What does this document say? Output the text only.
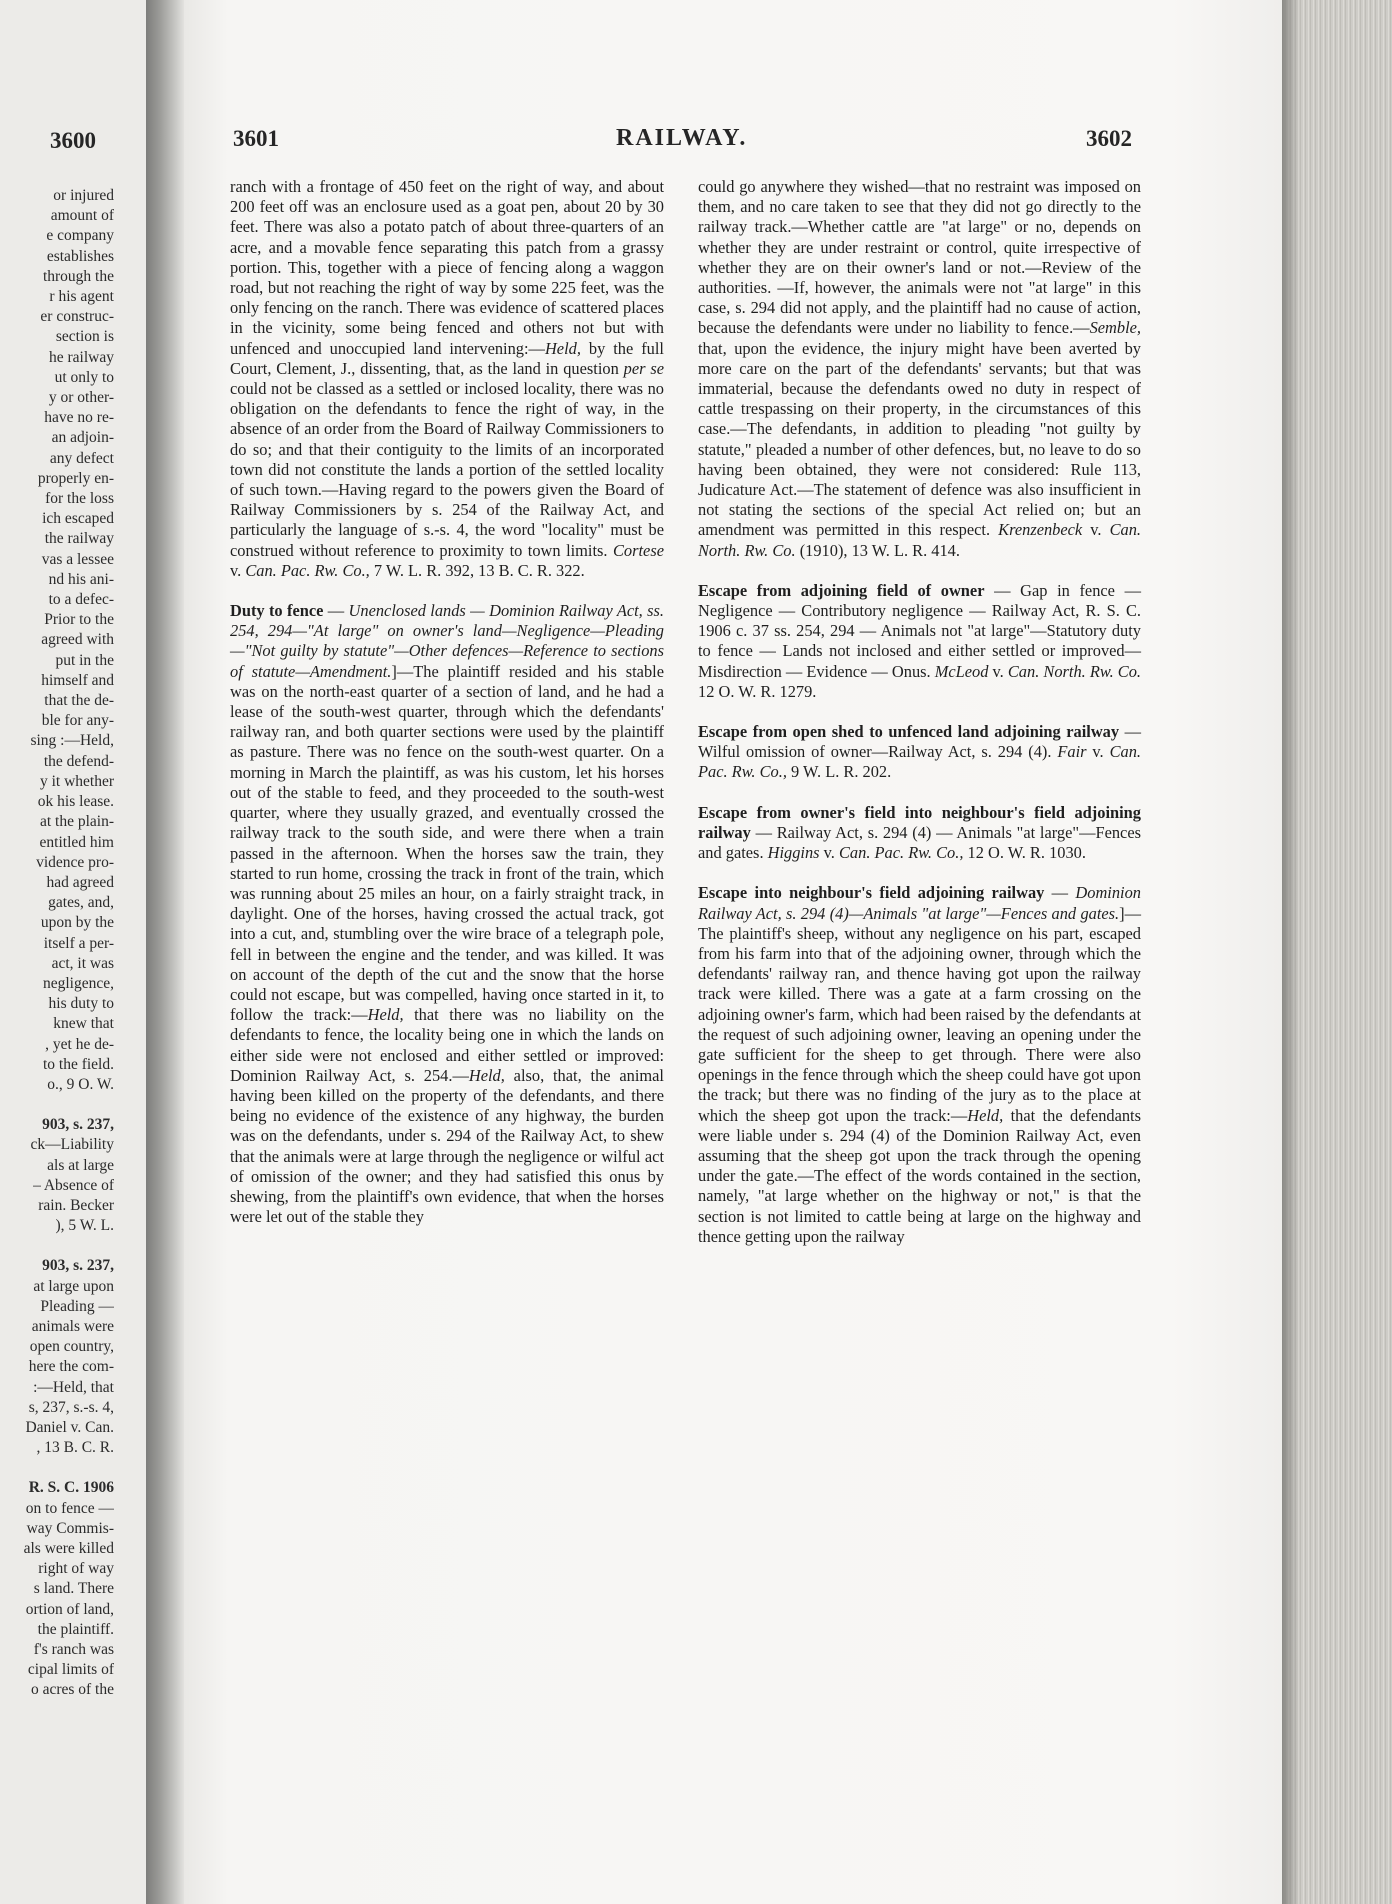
3600
or injured
amount of
e company
establishes
through the
r his agent
er construc-
section is
he railway
ut only to
y or other-
have no re-
an adjoin-
any defect
properly en-
for the loss
ich escaped
the railway
vas a lessee
nd his ani-
to a defec-
Prior to the
agreed with
put in the
himself and
that the de-
ble for any-
sing :—Held,
the defend-
y it whether
ok his lease.
at the plain-
entitled him
vidence pro-
had agreed
gates, and,
upon by the
itself a per-
act, it was
negligence,
his duty to
knew that
, yet he de-
to the field.
o., 9 O. W.
903, s. 237,
ck—Liability
als at large
– Absence of
rain. Becker
), 5 W. L.
903, s. 237,
at large upon
Pleading —
animals were
open country,
here the com-
:—Held, that
s, 237, s.-s. 4,
Daniel v. Can.
, 13 B. C. R.
R. S. C. 1906
on to fence —
way Commis-
als were killed
right of way
s land. There
ortion of land,
the plaintiff.
f's ranch was
cipal limits of
o acres of the
3601	RAILWAY.	3602

ranch with a frontage of 450 feet on the right of way, and about 200 feet off was an enclosure used as a goat pen, about 20 by 30 feet. There was also a potato patch of about three-quarters of an acre, and a movable fence separating this patch from a grassy portion. This, together with a piece of fencing along a waggon road, but not reaching the right of way by some 225 feet, was the only fencing on the ranch. There was evidence of scattered places in the vicinity, some being fenced and others not but with unfenced and unoccupied land intervening:—Held, by the full Court, Clement, J., dissenting, that, as the land in question per se could not be classed as a settled or inclosed locality, there was no obligation on the defendants to fence the right of way, in the absence of an order from the Board of Railway Commissioners to do so; and that their contiguity to the limits of an incorporated town did not constitute the lands a portion of the settled locality of such town.—Having regard to the powers given the Board of Railway Commissioners by s. 254 of the Railway Act, and particularly the language of s.-s. 4, the word "locality" must be construed without reference to proximity to town limits. Cortese v. Can. Pac. Rw. Co., 7 W. L. R. 392, 13 B. C. R. 322.

Duty to fence — Unenclosed lands — Dominion Railway Act, ss. 254, 294—"At large" on owner's land—Negligence—Pleading—"Not guilty by statute"—Other defences—Reference to sections of statute—Amendment.]—The plaintiff resided and his stable was on the north-east quarter of a section of land, and he had a lease of the south-west quarter, through which the defendants' railway ran, and both quarter sections were used by the plaintiff as pasture. There was no fence on the south-west quarter. On a morning in March the plaintiff, as was his custom, let his horses out of the stable to feed, and they proceeded to the south-west quarter, where they usually grazed, and eventually crossed the railway track to the south side, and were there when a train passed in the afternoon. When the horses saw the train, they started to run home, crossing the track in front of the train, which was running about 25 miles an hour, on a fairly straight track, in daylight. One of the horses, having crossed the actual track, got into a cut, and, stumbling over the wire brace of a telegraph pole, fell in between the engine and the tender, and was killed. It was on account of the depth of the cut and the snow that the horse could not escape, but was compelled, having once started in it, to follow the track:—Held, that there was no liability on the defendants to fence, the locality being one in which the lands on either side were not enclosed and either settled or improved: Dominion Railway Act, s. 254.—Held, also, that, the animal having been killed on the property of the defendants, and there being no evidence of the existence of any highway, the burden was on the defendants, under s. 294 of the Railway Act, to shew that the animals were at large through the negligence or wilful act of omission of the owner; and they had satisfied this onus by shewing, from the plaintiff's own evidence, that when the horses were let out of the stable they

could go anywhere they wished—that no restraint was imposed on them, and no care taken to see that they did not go directly to the railway track.—Whether cattle are "at large" or no, depends on whether they are under restraint or control, quite irrespective of whether they are on their owner's land or not.—Review of the authorities. —If, however, the animals were not "at large" in this case, s. 294 did not apply, and the plaintiff had no cause of action, because the defendants were under no liability to fence.—Semble, that, upon the evidence, the injury might have been averted by more care on the part of the defendants' servants; but that was immaterial, because the defendants owed no duty in respect of cattle trespassing on their property, in the circumstances of this case.—The defendants, in addition to pleading "not guilty by statute," pleaded a number of other defences, but, no leave to do so having been obtained, they were not considered: Rule 113, Judicature Act.—The statement of defence was also insufficient in not stating the sections of the special Act relied on; but an amendment was permitted in this respect. Krenzenbeck v. Can. North. Rw. Co. (1910), 13 W. L. R. 414.

Escape from adjoining field of owner — Gap in fence — Negligence — Contributory negligence — Railway Act, R. S. C. 1906 c. 37 ss. 254, 294 — Animals not "at large"—Statutory duty to fence — Lands not inclosed and either settled or improved—Misdirection — Evidence — Onus. McLeod v. Can. North. Rw. Co. 12 O. W. R. 1279.

Escape from open shed to unfenced land adjoining railway — Wilful omission of owner—Railway Act, s. 294 (4). Fair v. Can. Pac. Rw. Co., 9 W. L. R. 202.

Escape from owner's field into neighbour's field adjoining railway — Railway Act, s. 294 (4) — Animals "at large"—Fences and gates. Higgins v. Can. Pac. Rw. Co., 12 O. W. R. 1030.

Escape into neighbour's field adjoining railway — Dominion Railway Act, s. 294 (4)—Animals "at large"—Fences and gates.]—The plaintiff's sheep, without any negligence on his part, escaped from his farm into that of the adjoining owner, through which the defendants' railway ran, and thence having got upon the railway track were killed. There was a gate at a farm crossing on the adjoining owner's farm, which had been raised by the defendants at the request of such adjoining owner, leaving an opening under the gate sufficient for the sheep to get through. There were also openings in the fence through which the sheep could have got upon the track; but there was no finding of the jury as to the place at which the sheep got upon the track:—Held, that the defendants were liable under s. 294 (4) of the Dominion Railway Act, even assuming that the sheep got upon the track through the opening under the gate.—The effect of the words contained in the section, namely, "at large whether on the highway or not," is that the section is not limited to cattle being at large on the highway and thence getting upon the railway
